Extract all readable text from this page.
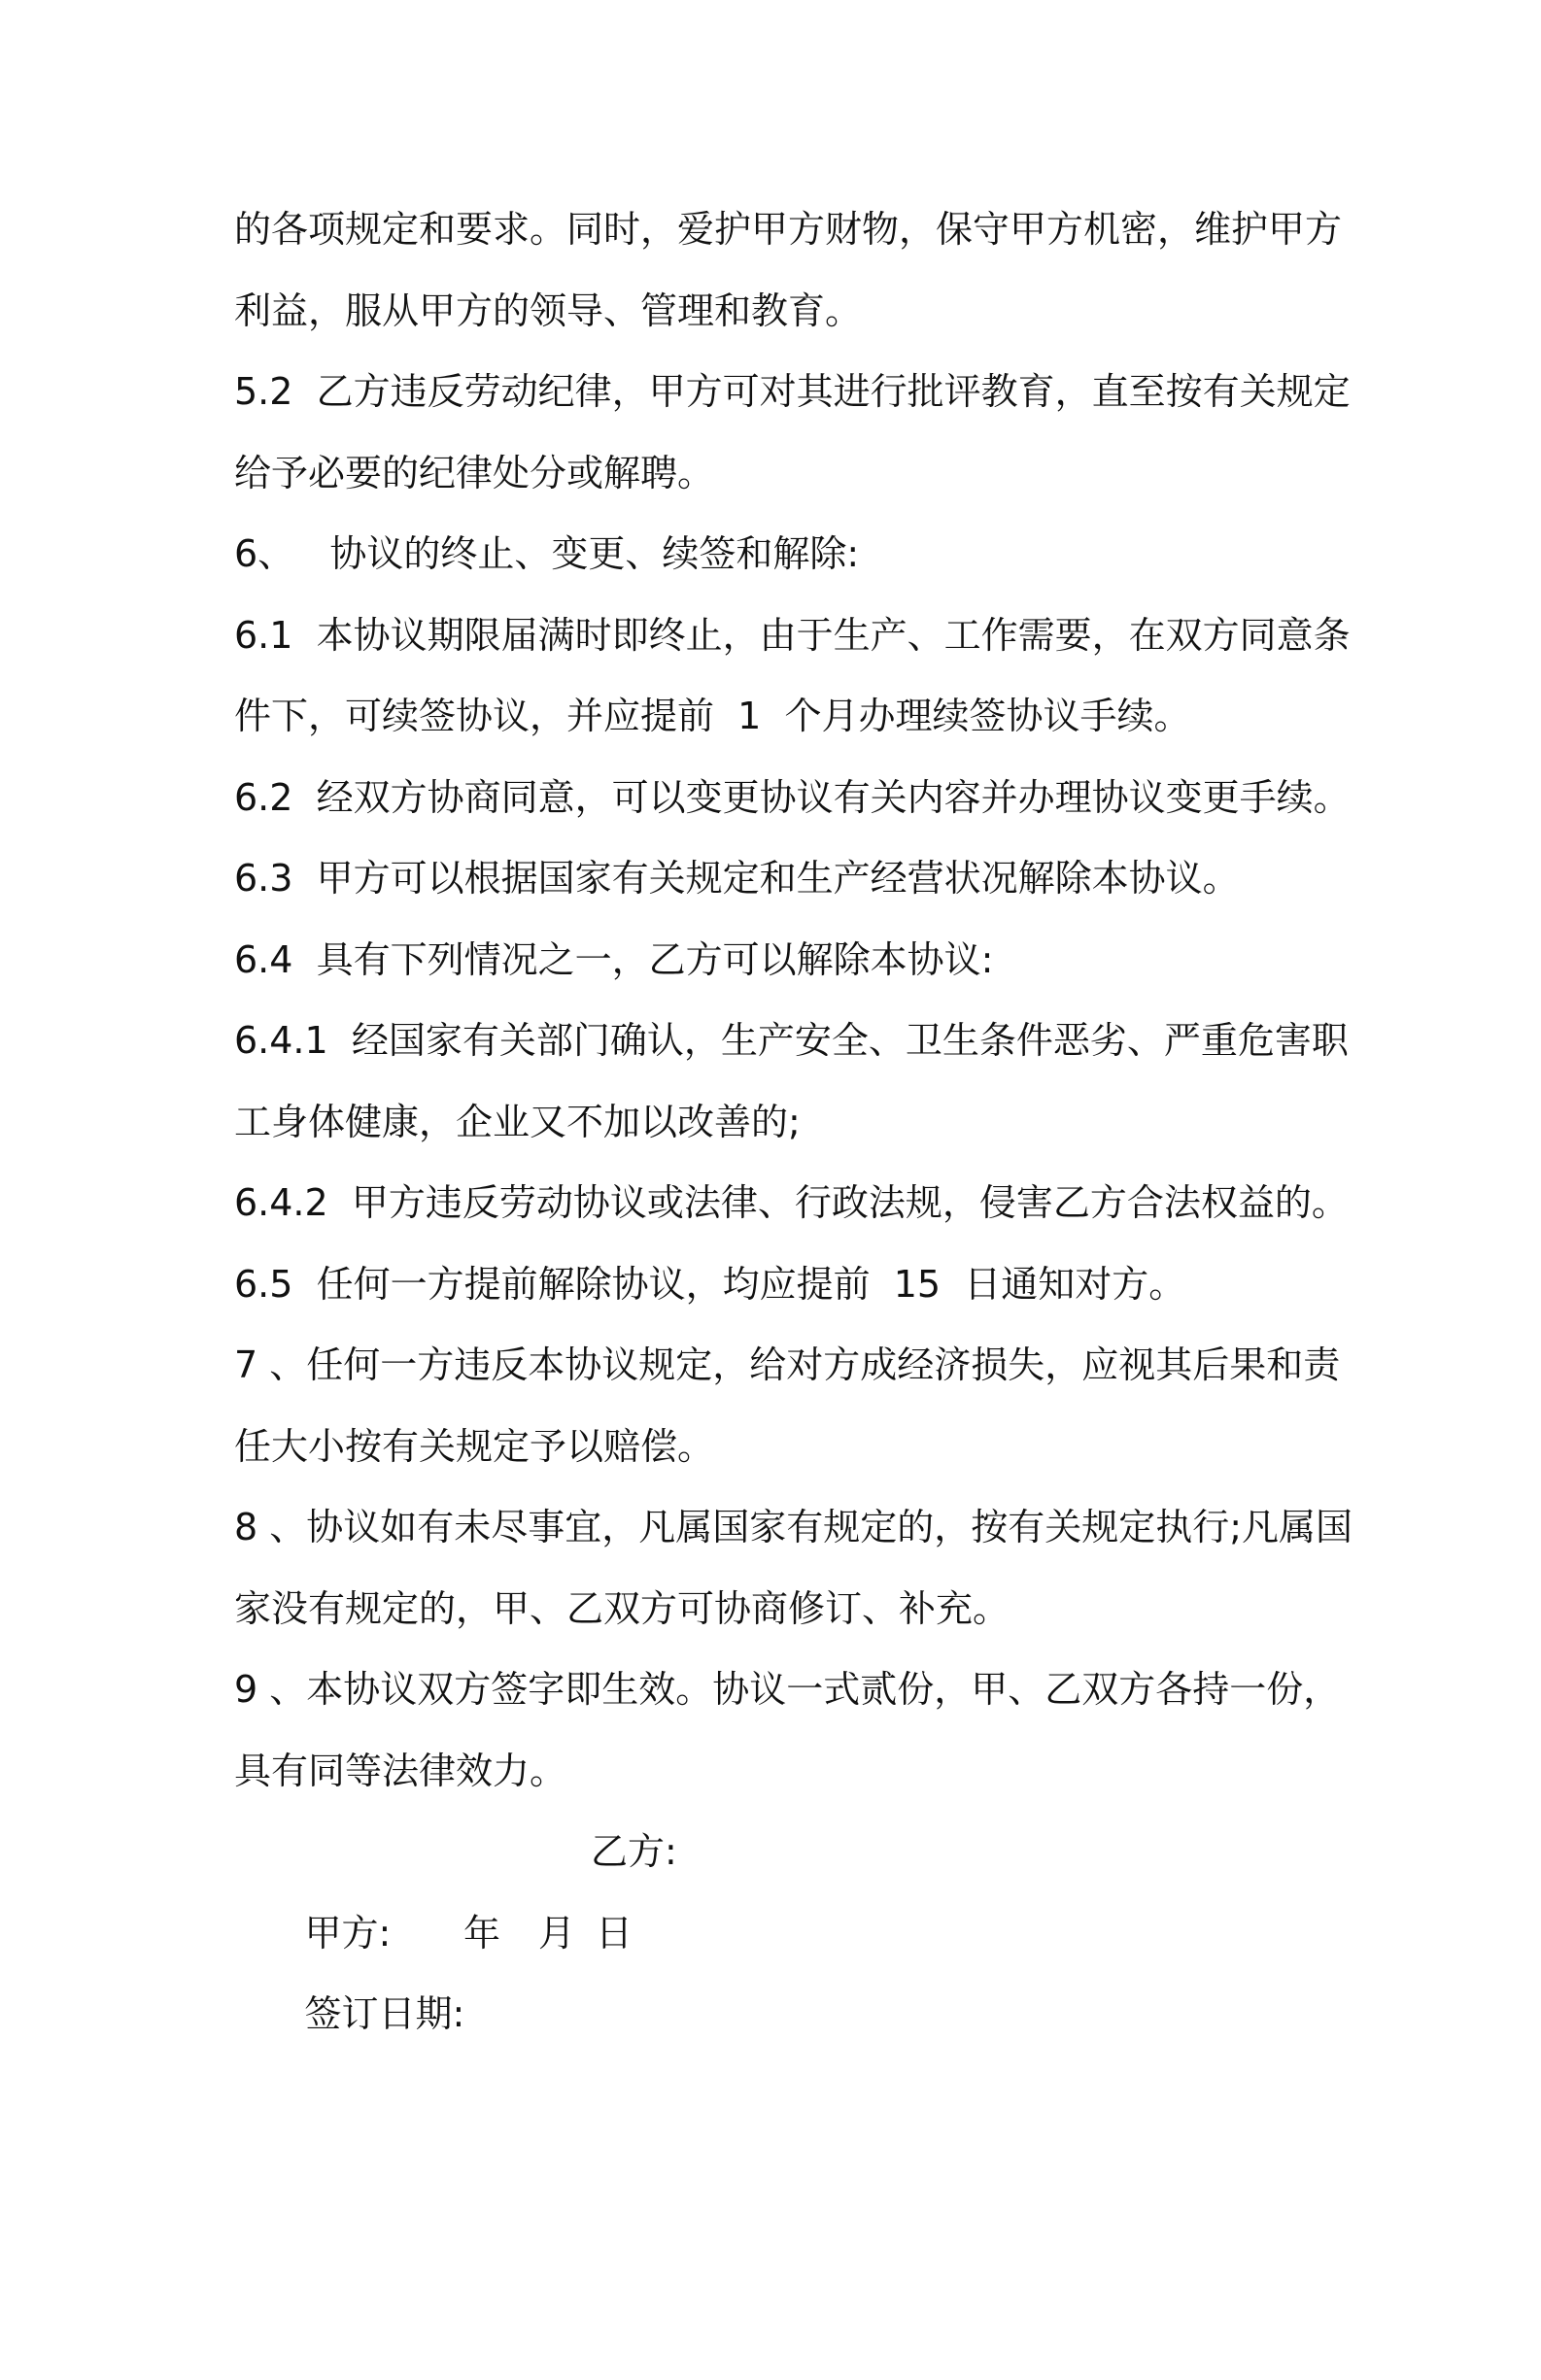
的各项规定和要求。同时，爱护甲方财物，保守甲方机密，维护甲方
利益，服从甲方的领导、管理和教育。
5.2  乙方违反劳动纪律，甲方可对其进行批评教育，直至按有关规定
给予必要的纪律处分或解聘。
6、   协议的终止、变更、续签和解除:
6.1  本协议期限届满时即终止，由于生产、工作需要，在双方同意条
件下，可续签协议，并应提前  1  个月办理续签协议手续。
6.2  经双方协商同意，可以变更协议有关内容并办理协议变更手续。
6.3  甲方可以根据国家有关规定和生产经营状况解除本协议。
6.4  具有下列情况之一，乙方可以解除本协议:
6.4.1  经国家有关部门确认，生产安全、卫生条件恶劣、严重危害职
工身体健康，企业又不加以改善的;
6.4.2  甲方违反劳动协议或法律、行政法规，侵害乙方合法权益的。
6.5  任何一方提前解除协议，均应提前  15  日通知对方。
7 、任何一方违反本协议规定，给对方成经济损失，应视其后果和责
任大小按有关规定予以赔偿。
8 、协议如有未尽事宜，凡属国家有规定的，按有关规定执行;凡属国
家没有规定的，甲、乙双方可协商修订、补充。
9 、本协议双方签字即生效。协议一式贰份，甲、乙双方各持一份，
具有同等法律效力。

甲方:

乙方:

签订日期:

年

月

日
